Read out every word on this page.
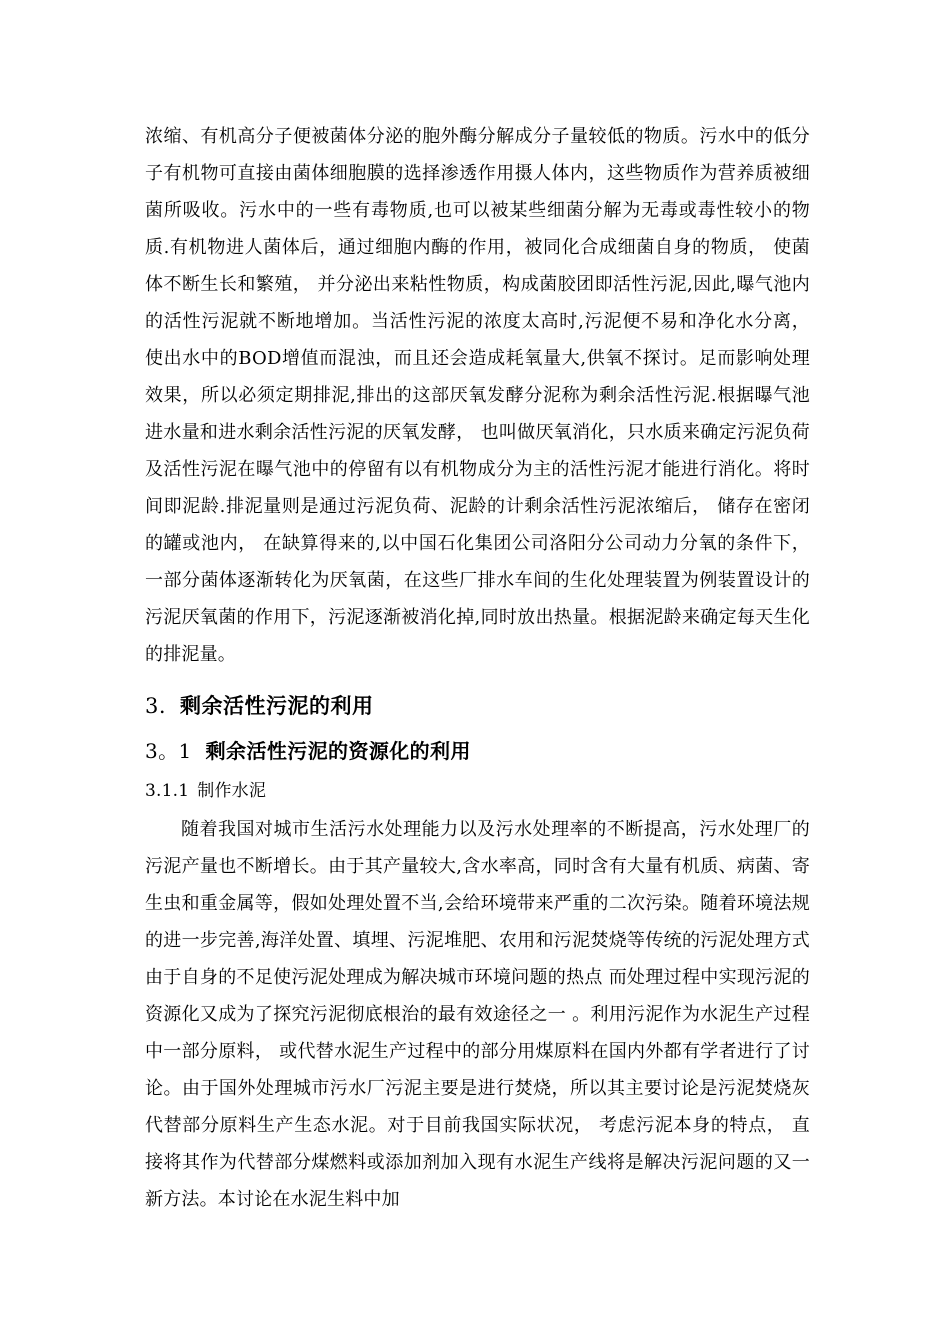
浓缩、有机高分子便被菌体分泌的胞外酶分解成分子量较低的物质。污水中的低分子有机物可直接由菌体细胞膜的选择渗透作用摄人体内，这些物质作为营养质被细菌所吸收。污水中的一些有毒物质,也可以被某些细菌分解为无毒或毒性较小的物质.有机物进人菌体后，通过细胞内酶的作用，被同化合成细菌自身的物质， 使菌体不断生长和繁殖， 并分泌出来粘性物质，构成菌胶团即活性污泥,因此,曝气池内的活性污泥就不断地增加。当活性污泥的浓度太高时,污泥便不易和净化水分离， 使出水中的BOD增值而混浊，而且还会造成耗氧量大,供氧不探讨。足而影响处理效果，所以必须定期排泥,排出的这部厌氧发酵分泥称为剩余活性污泥.根据曝气池进水量和进水剩余活性污泥的厌氧发酵， 也叫做厌氧消化，只水质来确定污泥负荷及活性污泥在曝气池中的停留有以有机物成分为主的活性污泥才能进行消化。将时间即泥龄.排泥量则是通过污泥负荷、泥龄的计剩余活性污泥浓缩后， 储存在密闭的罐或池内， 在缺算得来的,以中国石化集团公司洛阳分公司动力分氧的条件下，一部分菌体逐渐转化为厌氧菌，在这些厂排水车间的生化处理装置为例装置设计的污泥厌氧菌的作用下，污泥逐渐被消化掉,同时放出热量。根据泥龄来确定每天生化的排泥量。

3. 剩余活性污泥的利用
3。1 剩余活性污泥的资源化的利用
3.1.1 制作水泥

随着我国对城市生活污水处理能力以及污水处理率的不断提高，污水处理厂的污泥产量也不断增长。由于其产量较大,含水率高，同时含有大量有机质、病菌、寄生虫和重金属等，假如处理处置不当,会给环境带来严重的二次污染。随着环境法规的进一步完善,海洋处置、填埋、污泥堆肥、农用和污泥焚烧等传统的污泥处理方式由于自身的不足使污泥处理成为解决城市环境问题的热点 而处理过程中实现污泥的资源化又成为了探究污泥彻底根治的最有效途径之一 。利用污泥作为水泥生产过程中一部分原料， 或代替水泥生产过程中的部分用煤原料在国内外都有学者进行了讨论。由于国外处理城市污水厂污泥主要是进行焚烧，所以其主要讨论是污泥焚烧灰代替部分原料生产生态水泥。对于目前我国实际状况， 考虑污泥本身的特点， 直接将其作为代替部分煤燃料或添加剂加入现有水泥生产线将是解决污泥问题的又一新方法。本讨论在水泥生料中加
